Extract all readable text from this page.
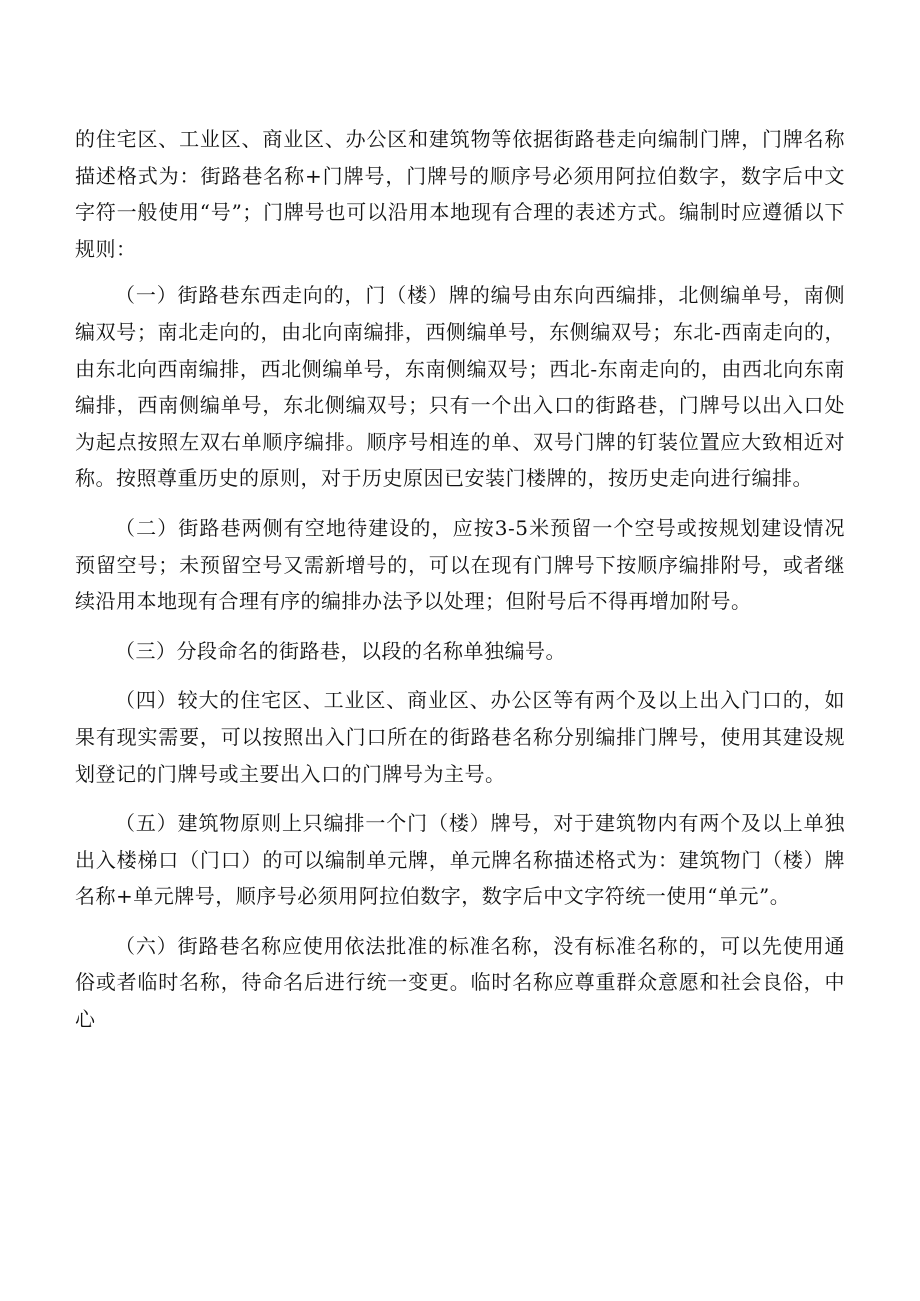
的住宅区、工业区、商业区、办公区和建筑物等依据街路巷走向编制门牌，门牌名称描述格式为：街路巷名称+门牌号，门牌号的顺序号必须用阿拉伯数字，数字后中文字符一般使用“号”；门牌号也可以沿用本地现有合理的表述方式。编制时应遵循以下规则：

（一）街路巷东西走向的，门（楼）牌的编号由东向西编排，北侧编单号，南侧编双号；南北走向的，由北向南编排，西侧编单号，东侧编双号；东北-西南走向的，由东北向西南编排，西北侧编单号，东南侧编双号；西北-东南走向的，由西北向东南编排，西南侧编单号，东北侧编双号；只有一个出入口的街路巷，门牌号以出入口处为起点按照左双右单顺序编排。顺序号相连的单、双号门牌的钉装位置应大致相近对称。按照尊重历史的原则，对于历史原因已安装门楼牌的，按历史走向进行编排。

（二）街路巷两侧有空地待建设的，应按3-5米预留一个空号或按规划建设情况预留空号；未预留空号又需新增号的，可以在现有门牌号下按顺序编排附号，或者继续沿用本地现有合理有序的编排办法予以处理；但附号后不得再增加附号。

（三）分段命名的街路巷，以段的名称单独编号。

（四）较大的住宅区、工业区、商业区、办公区等有两个及以上出入门口的，如果有现实需要，可以按照出入门口所在的街路巷名称分别编排门牌号，使用其建设规划登记的门牌号或主要出入口的门牌号为主号。

（五）建筑物原则上只编排一个门（楼）牌号，对于建筑物内有两个及以上单独出入楼梯口（门口）的可以编制单元牌，单元牌名称描述格式为：建筑物门（楼）牌名称+单元牌号，顺序号必须用阿拉伯数字，数字后中文字符统一使用“单元”。

（六）街路巷名称应使用依法批准的标准名称，没有标准名称的，可以先使用通俗或者临时名称，待命名后进行统一变更。临时名称应尊重群众意愿和社会良俗，中心
